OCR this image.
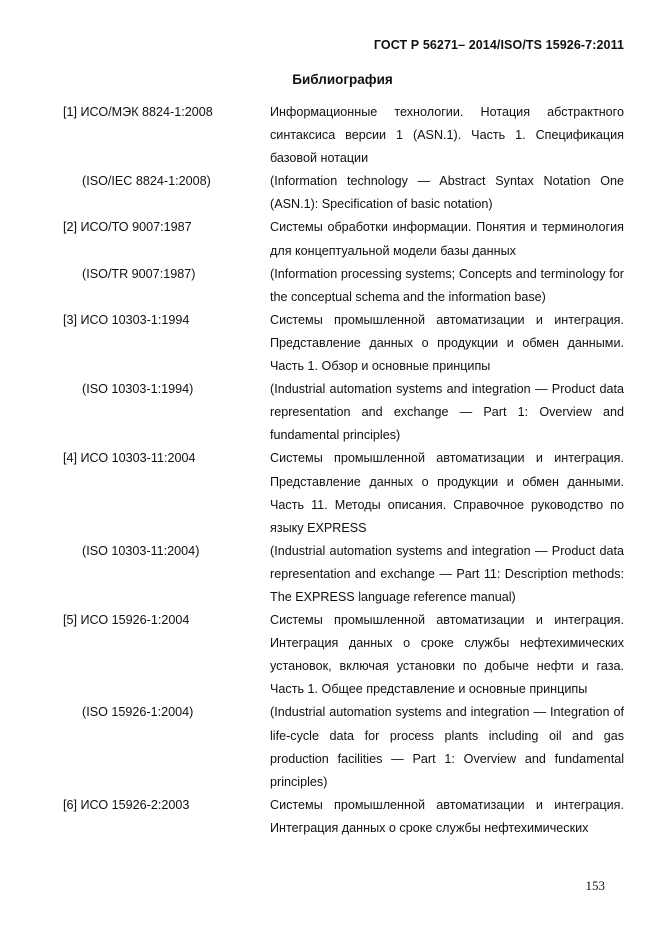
ГОСТ Р 56271– 2014/ISO/TS 15926-7:2011
Библиография
[1] ИСО/МЭК 8824-1:2008	Информационные технологии. Нотация абстрактного синтаксиса версии 1 (ASN.1). Часть 1. Спецификация базовой нотации
(ISO/IEC 8824-1:2008)	(Information technology — Abstract Syntax Notation One (ASN.1): Specification of basic notation)
[2] ИСО/ТО 9007:1987	Системы обработки информации. Понятия и терминология для концептуальной модели базы данных
(ISO/TR 9007:1987)	(Information processing systems; Concepts and terminology for the conceptual schema and the information base)
[3] ИСО 10303-1:1994	Системы промышленной автоматизации и интеграция. Представление данных о продукции и обмен данными. Часть 1. Обзор и основные принципы
(ISO 10303-1:1994)	(Industrial automation systems and integration — Product data representation and exchange — Part 1: Overview and fundamental principles)
[4] ИСО 10303-11:2004	Системы промышленной автоматизации и интеграция. Представление данных о продукции и обмен данными. Часть 11. Методы описания. Справочное руководство по языку EXPRESS
(ISO 10303-11:2004)	(Industrial automation systems and integration — Product data representation and exchange — Part 11: Description methods: The EXPRESS language reference manual)
[5] ИСО 15926-1:2004	Системы промышленной автоматизации и интеграция. Интеграция данных о сроке службы нефтехимических установок, включая установки по добыче нефти и газа. Часть 1. Общее представление и основные принципы
(ISO 15926-1:2004)	(Industrial automation systems and integration — Integration of life-cycle data for process plants including oil and gas production facilities — Part 1: Overview and fundamental principles)
[6] ИСО 15926-2:2003	Системы промышленной автоматизации и интеграция. Интеграция данных о сроке службы нефтехимических
153
